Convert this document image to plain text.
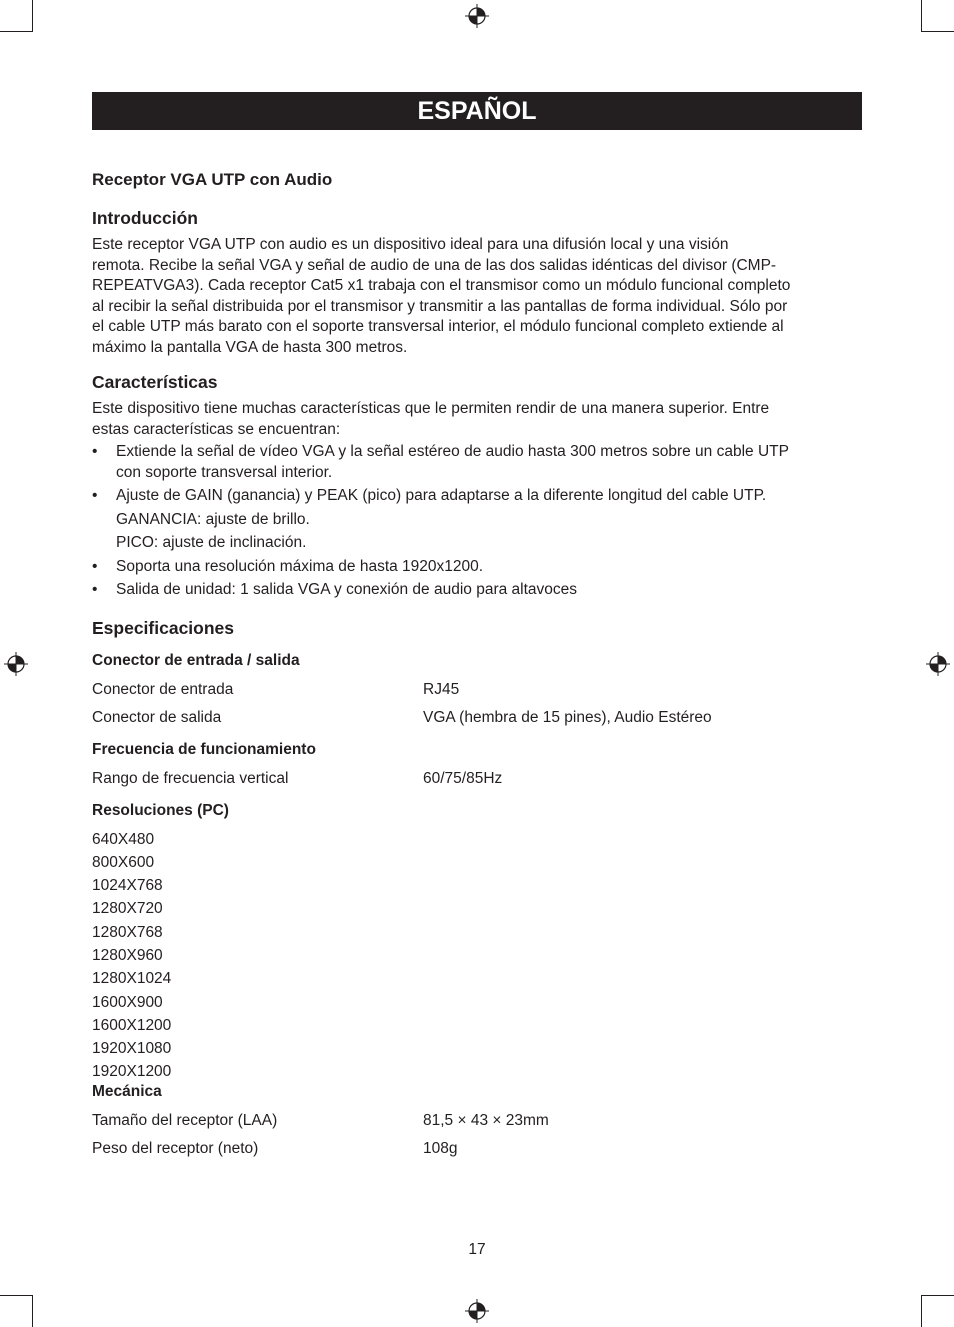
ESPAÑOL
Receptor VGA UTP con Audio
Introducción

Este receptor VGA UTP con audio es un dispositivo ideal para una difusión local y una visión
remota. Recibe la señal VGA y señal de audio de una de las dos salidas idénticas del divisor (CMP-
REPEATVGA3). Cada receptor Cat5 x1 trabaja con el transmisor como un módulo funcional completo
al recibir la señal distribuida por el transmisor y transmitir a las pantallas de forma individual. Sólo por
el cable UTP más barato con el soporte transversal interior, el módulo funcional completo extiende al
máximo la pantalla VGA de hasta 300 metros.

Características

Este dispositivo tiene muchas características que le permiten rendir de una manera superior. Entre
estas características se encuentran:

• Extiende la señal de vídeo VGA y la señal estéreo de audio hasta 300 metros sobre un cable UTP
con soporte transversal interior.
• Ajuste de GAIN (ganancia) y PEAK (pico) para adaptarse a la diferente longitud del cable UTP.
GANANCIA: ajuste de brillo.
PICO: ajuste de inclinación.
• Soporta una resolución máxima de hasta 1920x1200.
• Salida de unidad: 1 salida VGA y conexión de audio para altavoces
Especificaciones
Conector de entrada / salida
Conector de entrada	RJ45
Conector de salida	VGA (hembra de 15 pines), Audio Estéreo
Frecuencia de funcionamiento
Rango de frecuencia vertical	60/75/85Hz
Resoluciones (PC)
640X480
800X600
1024X768
1280X720
1280X768
1280X960
1280X1024
1600X900
1600X1200
1920X1080
1920X1200
Mecánica
Tamaño del receptor (LAA)	81,5 × 43 × 23mm
Peso del receptor (neto)	108g
17
